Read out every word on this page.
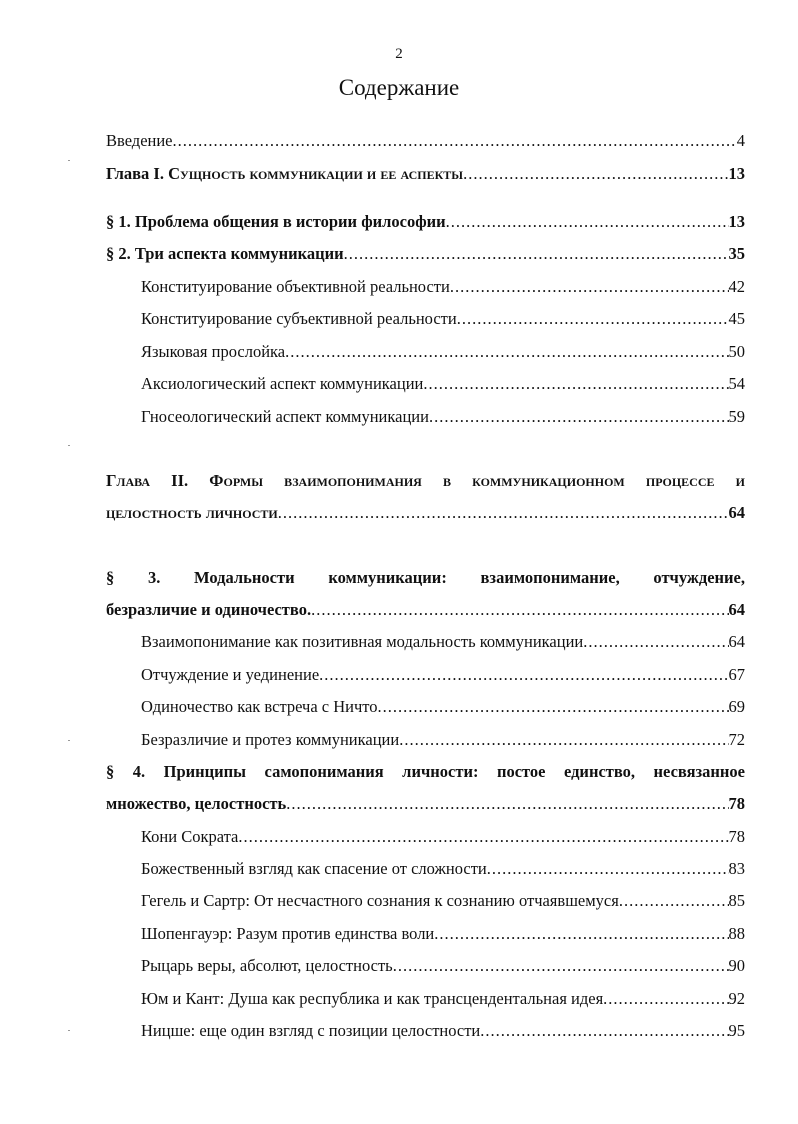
2
Содержание
Введение .....	4
Глава I. Сущность коммуникации и ее аспекты .....	13
§ 1. Проблема общения в истории философии .....	13
§ 2. Три аспекта коммуникации .....	35
Конституирование объективной реальности .....	42
Конституирование субъективной реальности .....	45
Языковая прослойка .....	50
Аксиологический аспект коммуникации .....	54
Гносеологический аспект коммуникации .....	59
Глава II. Формы взаимопонимания в коммуникационном процессе и
целостность личности .....	64
§ 3. Модальности коммуникации: взаимопонимание, отчуждение,
безразличие и одиночество. .....	64
Взаимопонимание как позитивная модальность коммуникации .....	64
Отчуждение и уединение .....	67
Одиночество как встреча с Ничто .....	69
Безразличие и протез коммуникации .....	72
§ 4. Принципы самопонимания личности: постое единство, несвязанное
множество, целостность .....	78
Кони Сократа .....	78
Божественный взгляд как спасение от сложности .....	83
Гегель и Сартр: От несчастного сознания к сознанию отчаявшемуся .....	85
Шопенгауэр: Разум против единства воли .....	88
Рыцарь веры, абсолют, целостность .....	90
Юм и Кант: Душа как республика и как трансцендентальная идея .....	92
Ницше: еще один взгляд с позиции целостности .....	95
